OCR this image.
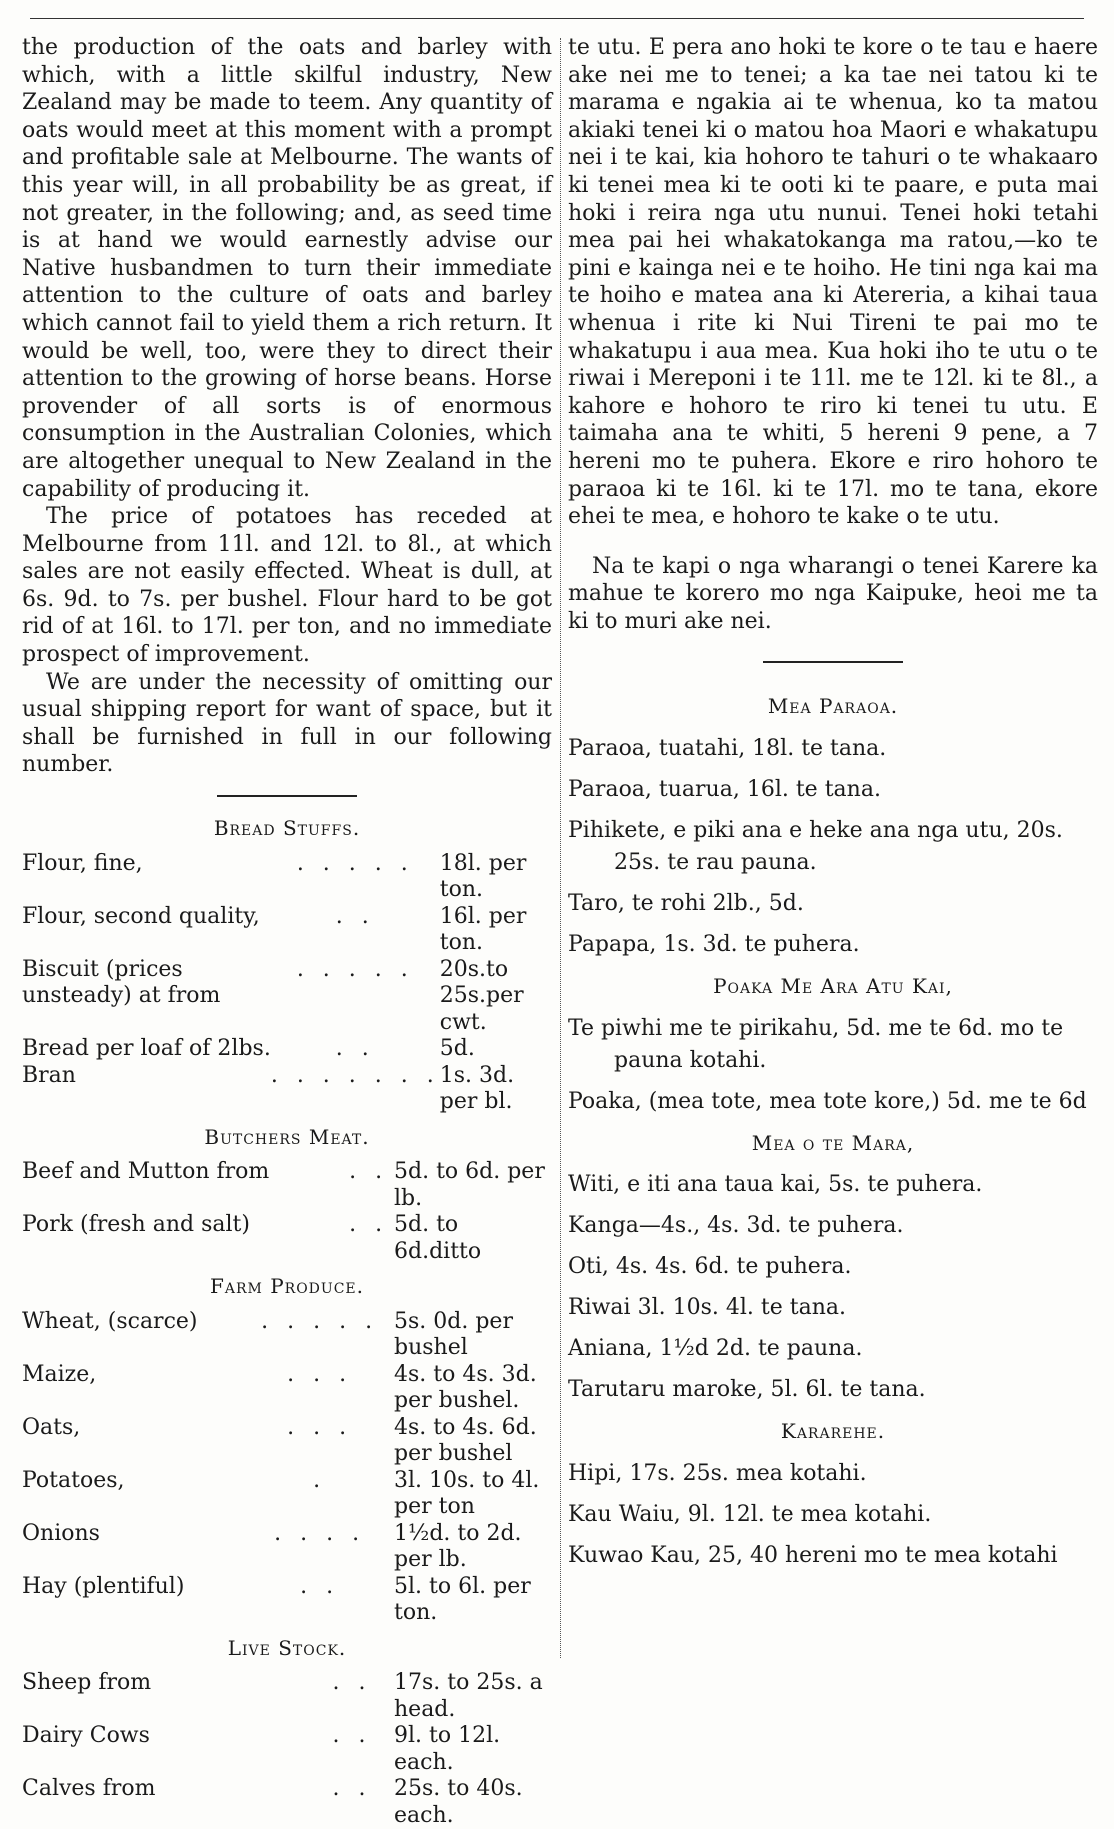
the production of the oats and barley with which, with a little skilful industry, New Zealand may be made to teem. Any quantity of oats would meet at this moment with a prompt and profitable sale at Melbourne. The wants of this year will, in all probability be as great, if not greater, in the following; and, as seed time is at hand we would earnestly advise our Native husbandmen to turn their immediate attention to the culture of oats and barley which cannot fail to yield them a rich return. It would be well, too, were they to direct their attention to the growing of horse beans. Horse provender of all sorts is of enormous consumption in the Australian Colonies, which are altogether unequal to New Zealand in the capability of producing it.

The price of potatoes has receded at Melbourne from 11l. and 12l. to 8l., at which sales are not easily effected. Wheat is dull, at 6s. 9d. to 7s. per bushel. Flour hard to be got rid of at 16l. to 17l. per ton, and no immediate prospect of improvement.

We are under the necessity of omitting our usual shipping report for want of space, but it shall be furnished in full in our following number.

Bread Stuffs.
Flour, fine,	. . . . .	18l. per ton.
Flour, second quality,	. .	16l. per ton.
Biscuit (prices unsteady) at from	. . . . .	20s.to 25s.per cwt.
Bread per loaf of 2lbs.	. .	5d.
Bran	. . . . . . .	1s. 3d. per bl.
Butchers Meat.
Beef and Mutton from	. .	5d. to 6d. per lb.
Pork (fresh and salt)	. .	5d. to 6d.ditto
Farm Produce.
Wheat, (scarce)	. . . . .	5s. 0d. per bushel
Maize,	. . .	4s. to 4s. 3d. per bushel.
Oats,	. . .	4s. to 4s. 6d. per bushel
Potatoes,	.	3l. 10s. to 4l. per ton
Onions	. . . .	1½d. to 2d. per lb.
Hay (plentiful)	. .	5l. to 6l. per ton.
Live Stock.
Sheep from	. .	17s. to 25s. a head.
Dairy Cows	. .	9l. to 12l. each.
Calves from	. .	25s. to 40s. each.

te utu. E pera ano hoki te kore o te tau e haere ake nei me to tenei; a ka tae nei tatou ki te marama e ngakia ai te whenua, ko ta matou akiaki tenei ki o matou hoa Maori e whakatupu nei i te kai, kia hohoro te tahuri o te whakaaro ki tenei mea ki te ooti ki te paare, e puta mai hoki i reira nga utu nunui. Tenei hoki tetahi mea pai hei whakatokanga ma ratou,—ko te pini e kainga nei e te hoiho. He tini nga kai ma te hoiho e matea ana ki Atereria, a kihai taua whenua i rite ki Nui Tireni te pai mo te whakatupu i aua mea. Kua hoki iho te utu o te riwai i Mereponi i te 11l. me te 12l. ki te 8l., a kahore e hohoro te riro ki tenei tu utu. E taimaha ana te whiti, 5 hereni 9 pene, a 7 hereni mo te puhera. Ekore e riro hohoro te paraoa ki te 16l. ki te 17l. mo te tana, ekore ehei te mea, e hohoro te kake o te utu.

Na te kapi o nga wharangi o tenei Karere ka mahue te korero mo nga Kaipuke, heoi me ta ki to muri ake nei.

Mea Paraoa.
Paraoa, tuatahi, 18l. te tana.
Paraoa, tuarua, 16l. te tana.
Pihikete, e piki ana e heke ana nga utu, 20s. 25s. te rau pauna.
Taro, te rohi 2lb., 5d.
Papapa, 1s. 3d. te puhera.
Poaka Me Ara Atu Kai,
Te piwhi me te pirikahu, 5d. me te 6d. mo te pauna kotahi.
Poaka, (mea tote, mea tote kore,) 5d. me te 6d
Mea o te Mara,
Witi, e iti ana taua kai, 5s. te puhera.
Kanga—4s., 4s. 3d. te puhera.
Oti, 4s. 4s. 6d. te puhera.
Riwai 3l. 10s. 4l. te tana.
Aniana, 1½d 2d. te pauna.
Tarutaru maroke, 5l. 6l. te tana.
Kararehe.
Hipi, 17s. 25s. mea kotahi.
Kau Waiu, 9l. 12l. te mea kotahi.
Kuwao Kau, 25, 40 hereni mo te mea kotahi
